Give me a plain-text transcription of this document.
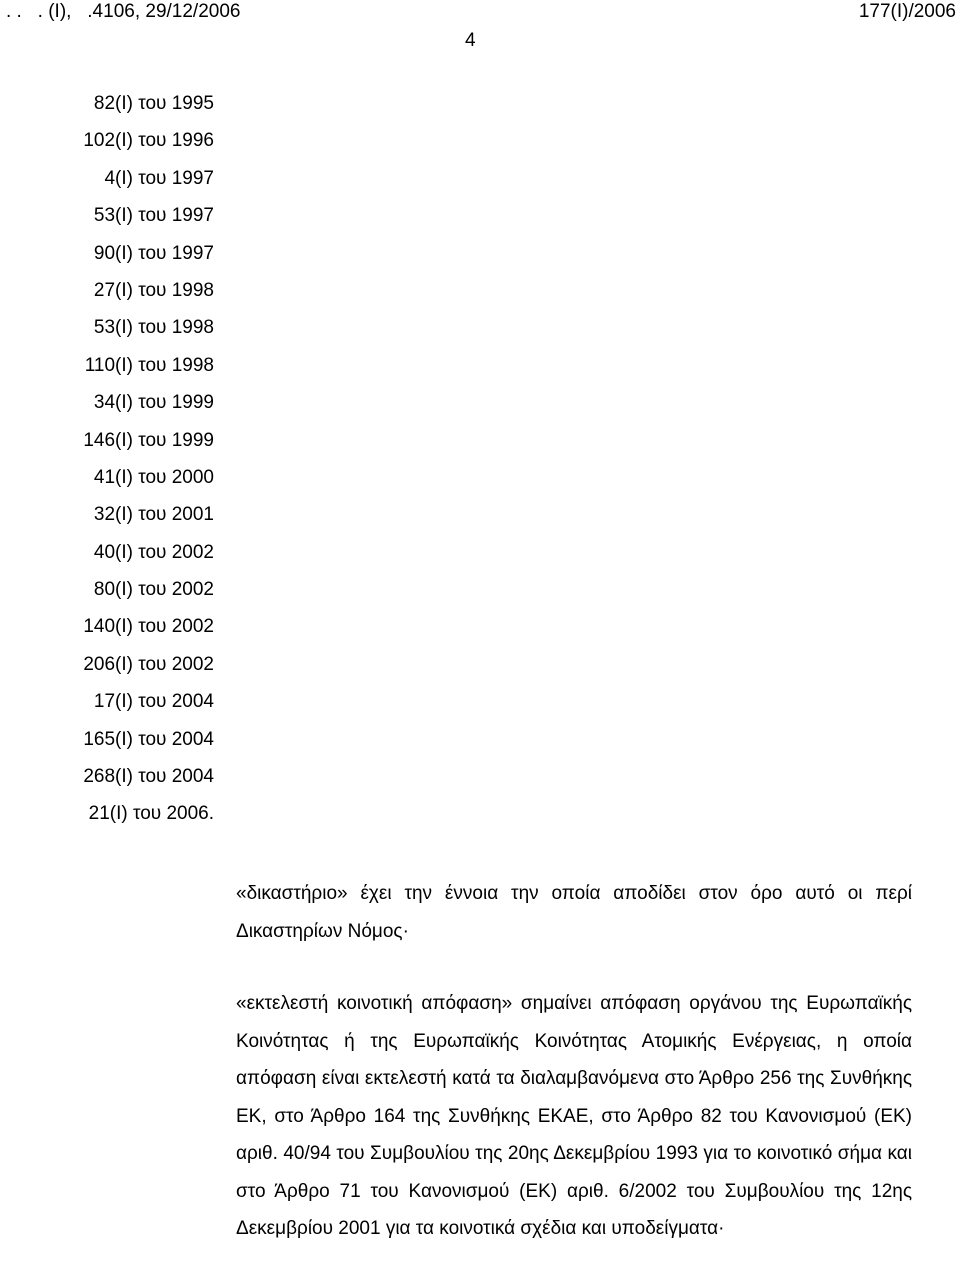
. .   . (Ι),   .4106, 29/12/2006	177(Ι)/2006
4
82(Ι) του 1995
102(Ι) του 1996
4(Ι) του 1997
53(Ι) του 1997
90(Ι) του 1997
27(Ι) του 1998
53(Ι) του 1998
110(Ι) του 1998
34(Ι) του 1999
146(Ι) του 1999
41(Ι) του 2000
32(Ι) του 2001
40(Ι) του 2002
80(Ι) του 2002
140(Ι) του 2002
206(Ι) του 2002
17(Ι) του 2004
165(Ι) του 2004
268(Ι) του 2004
21(Ι) του 2006.

«δικαστήριο» έχει την έννοια την οποία αποδίδει στον όρο αυτό οι περί Δικαστηρίων Νόμος·

«εκτελεστή κοινοτική απόφαση» σημαίνει απόφαση οργάνου της Ευρωπαϊκής Κοινότητας ή της Ευρωπαϊκής Κοινότητας Ατομικής Ενέργειας, η οποία απόφαση είναι εκτελεστή κατά τα διαλαμβανόμενα στο Άρθρο 256 της Συνθήκης ΕΚ, στο Άρθρο 164 της Συνθήκης ΕΚΑΕ, στο Άρθρο 82 του Κανονισμού (ΕΚ) αριθ. 40/94 του Συμβουλίου της 20ης Δεκεμβρίου 1993 για το κοινοτικό σήμα και στο Άρθρο 71 του Κανονισμού (ΕΚ) αριθ. 6/2002 του Συμβουλίου της 12ης Δεκεμβρίου 2001 για τα κοινοτικά σχέδια και υποδείγματα·
